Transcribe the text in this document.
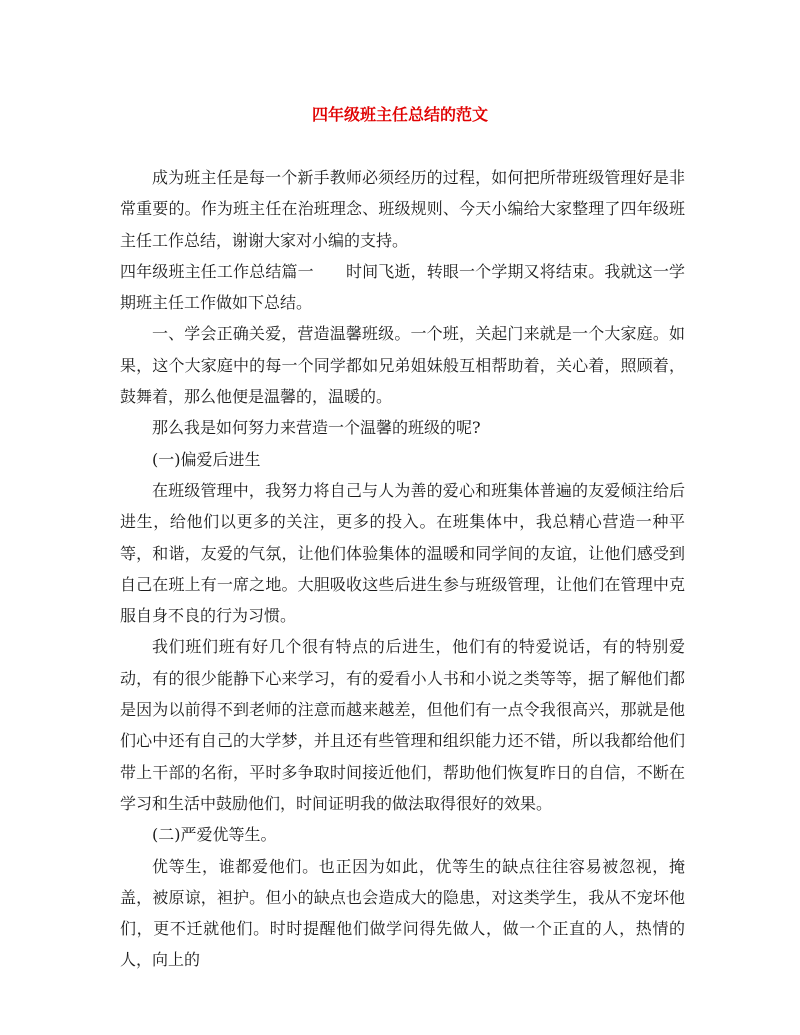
四年级班主任总结的范文

成为班主任是每一个新手教师必须经历的过程，如何把所带班级管理好是非常重要的。作为班主任在治班理念、班级规则、今天小编给大家整理了四年级班主任工作总结，谢谢大家对小编的支持。

四年级班主任工作总结篇一 时间飞逝，转眼一个学期又将结束。我就这一学期班主任工作做如下总结。

一、学会正确关爱，营造温馨班级。一个班，关起门来就是一个大家庭。如果，这个大家庭中的每一个同学都如兄弟姐妹般互相帮助着，关心着，照顾着，鼓舞着，那么他便是温馨的，温暖的。

那么我是如何努力来营造一个温馨的班级的呢?

(一)偏爱后进生

在班级管理中，我努力将自己与人为善的爱心和班集体普遍的友爱倾注给后进生，给他们以更多的关注，更多的投入。在班集体中，我总精心营造一种平等，和谐，友爱的气氛，让他们体验集体的温暖和同学间的友谊，让他们感受到自己在班上有一席之地。大胆吸收这些后进生参与班级管理，让他们在管理中克服自身不良的行为习惯。

我们班们班有好几个很有特点的后进生，他们有的特爱说话，有的特别爱动，有的很少能静下心来学习，有的爱看小人书和小说之类等等，据了解他们都是因为以前得不到老师的注意而越来越差，但他们有一点令我很高兴，那就是他们心中还有自己的大学梦，并且还有些管理和组织能力还不错，所以我都给他们带上干部的名衔，平时多争取时间接近他们，帮助他们恢复昨日的自信，不断在学习和生活中鼓励他们，时间证明我的做法取得很好的效果。

(二)严爱优等生。

优等生，谁都爱他们。也正因为如此，优等生的缺点往往容易被忽视，掩盖，被原谅，袒护。但小的缺点也会造成大的隐患，对这类学生，我从不宠坏他们，更不迁就他们。时时提醒他们做学问得先做人，做一个正直的人，热情的人，向上的
